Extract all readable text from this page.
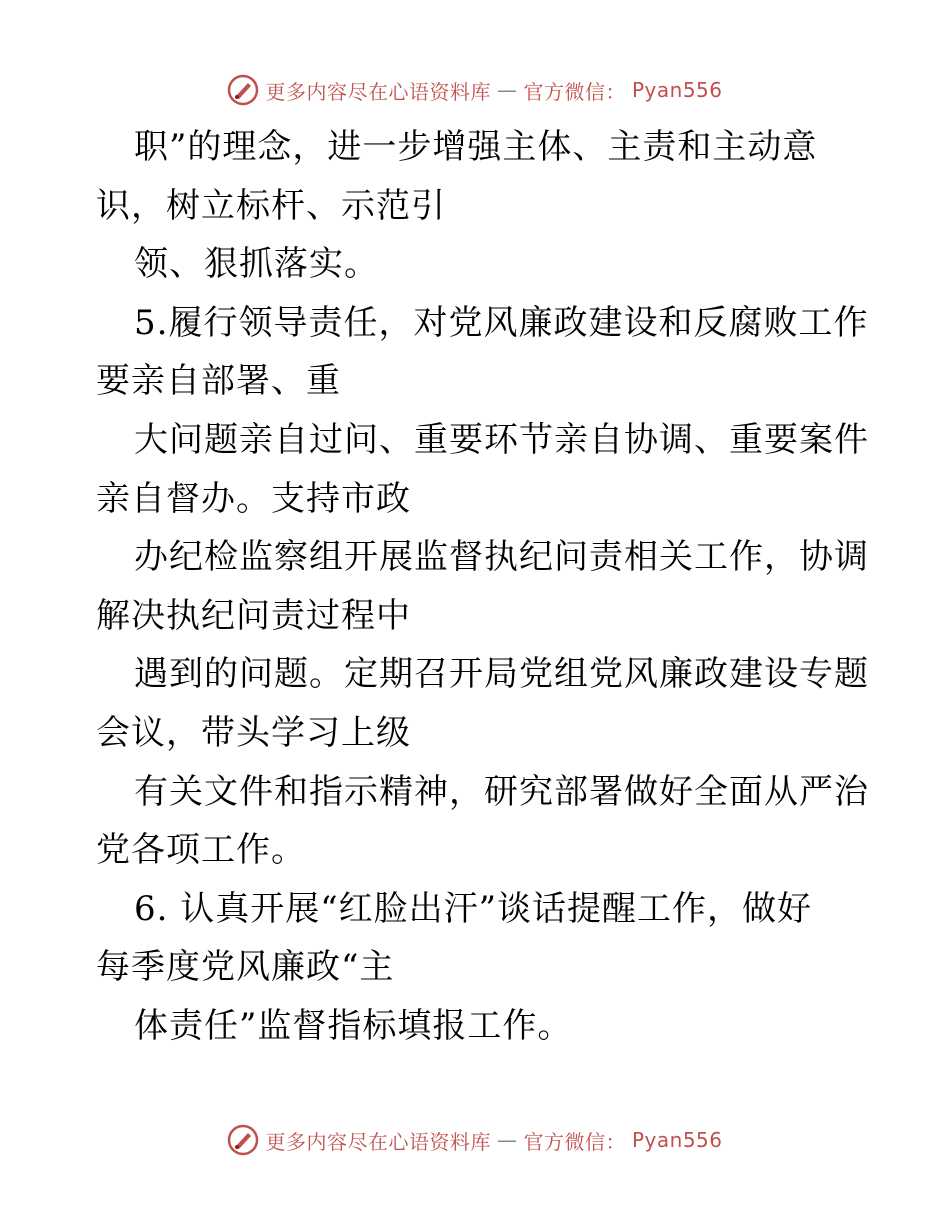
更多内容尽在心语资料库 — 官方微信： Pyan556
职”的理念，进一步增强主体、主责和主动意
识，树立标杆、示范引
领、狠抓落实。
5.履行领导责任，对党风廉政建设和反腐败工作
要亲自部署、重
大问题亲自过问、重要环节亲自协调、重要案件
亲自督办。支持市政
办纪检监察组开展监督执纪问责相关工作，协调
解决执纪问责过程中
遇到的问题。定期召开局党组党风廉政建设专题
会议，带头学习上级
有关文件和指示精神，研究部署做好全面从严治
党各项工作。
6. 认真开展“红脸出汗”谈话提醒工作，做好
每季度党风廉政“主
体责任”监督指标填报工作。
更多内容尽在心语资料库 — 官方微信： Pyan556
